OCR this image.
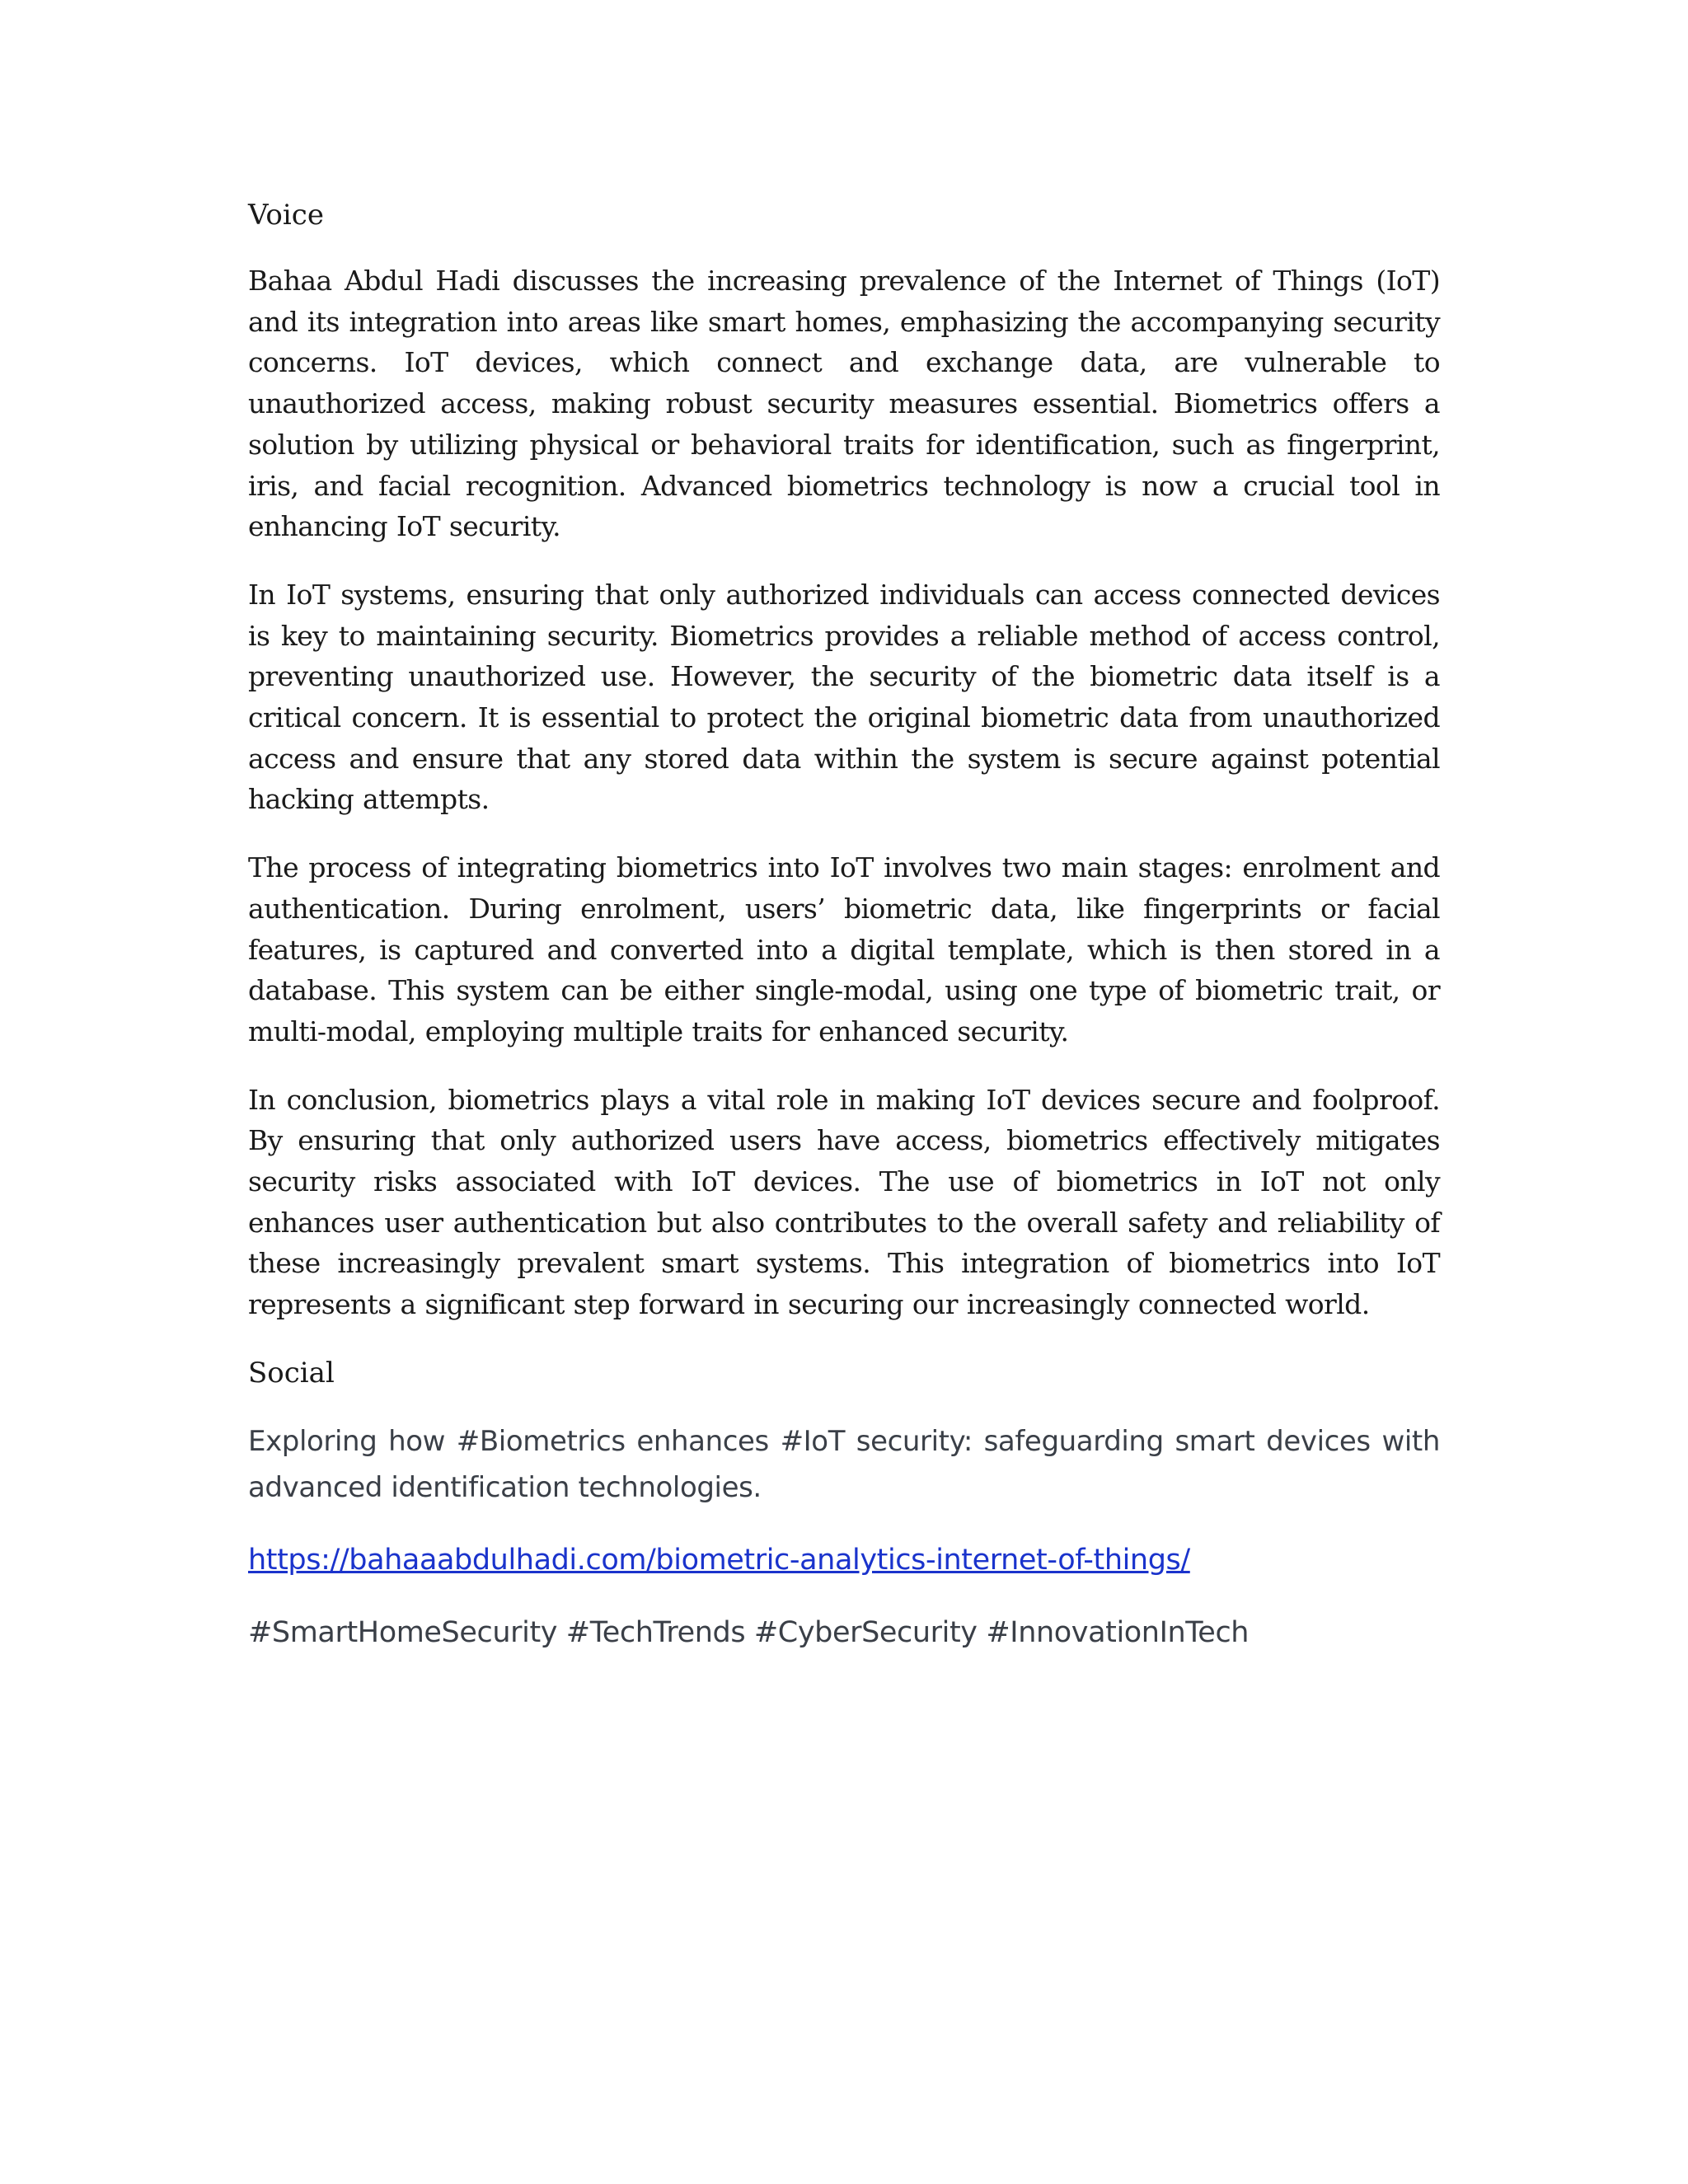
Voice

Bahaa Abdul Hadi discusses the increasing prevalence of the Internet of Things (IoT) and its integration into areas like smart homes, emphasizing the accompanying security concerns. IoT devices, which connect and exchange data, are vulnerable to unauthorized access, making robust security measures essential. Biometrics offers a solution by utilizing physical or behavioral traits for identification, such as fingerprint, iris, and facial recognition. Advanced biometrics technology is now a crucial tool in enhancing IoT security.

In IoT systems, ensuring that only authorized individuals can access connected devices is key to maintaining security. Biometrics provides a reliable method of access control, preventing unauthorized use. However, the security of the biometric data itself is a critical concern. It is essential to protect the original biometric data from unauthorized access and ensure that any stored data within the system is secure against potential hacking attempts.

The process of integrating biometrics into IoT involves two main stages: enrolment and authentication. During enrolment, users’ biometric data, like fingerprints or facial features, is captured and converted into a digital template, which is then stored in a database. This system can be either single-modal, using one type of biometric trait, or multi-modal, employing multiple traits for enhanced security.

In conclusion, biometrics plays a vital role in making IoT devices secure and foolproof. By ensuring that only authorized users have access, biometrics effectively mitigates security risks associated with IoT devices. The use of biometrics in IoT not only enhances user authentication but also contributes to the overall safety and reliability of these increasingly prevalent smart systems. This integration of biometrics into IoT represents a significant step forward in securing our increasingly connected world.

Social

Exploring how #Biometrics enhances #IoT security: safeguarding smart devices with advanced identification technologies.

https://bahaaabdulhadi.com/biometric-analytics-internet-of-things/

#SmartHomeSecurity #TechTrends #CyberSecurity #InnovationInTech
